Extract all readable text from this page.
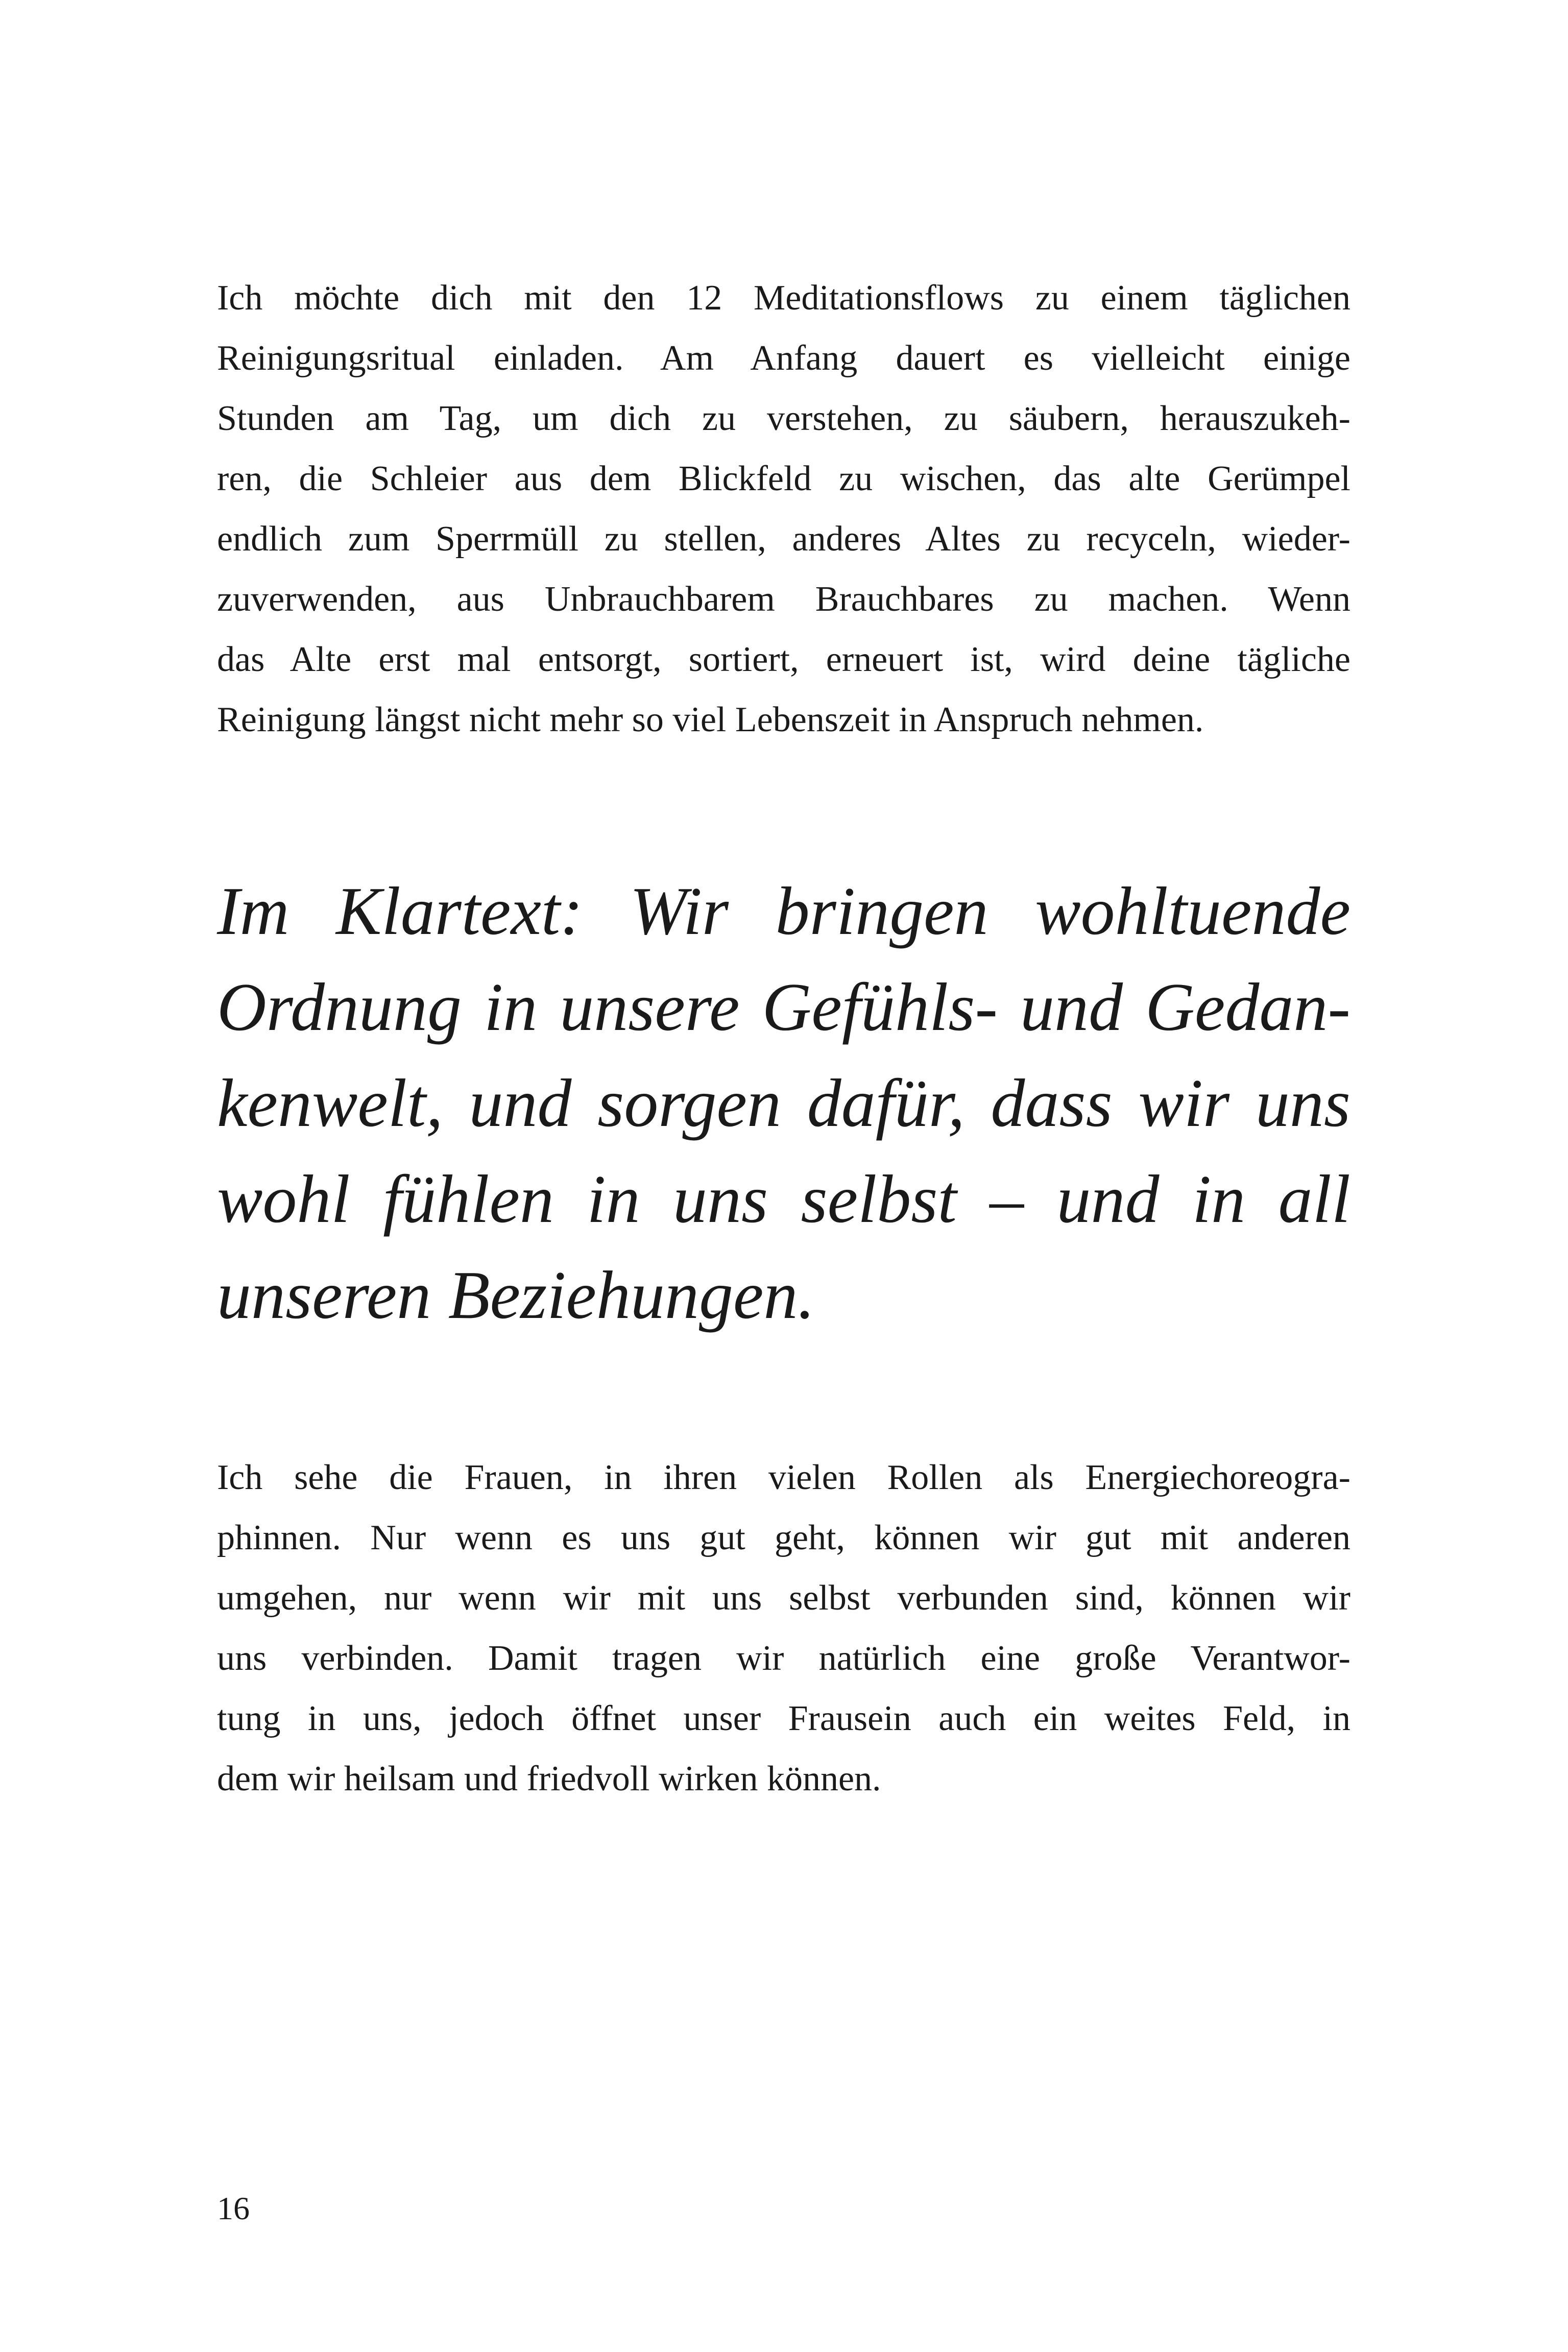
Ich möchte dich mit den 12 Meditationsflows zu einem täglichen
Reinigungsritual einladen. Am Anfang dauert es vielleicht einige
Stunden am Tag, um dich zu verstehen, zu säubern, herauszukeh-
ren, die Schleier aus dem Blickfeld zu wischen, das alte Gerümpel
endlich zum Sperrmüll zu stellen, anderes Altes zu recyceln, wieder-
zuverwenden, aus Unbrauchbarem Brauchbares zu machen. Wenn
das Alte erst mal entsorgt, sortiert, erneuert ist, wird deine tägliche
Reinigung längst nicht mehr so viel Lebenszeit in Anspruch nehmen.

Im Klartext: Wir bringen wohltuende
Ordnung in unsere Gefühls- und Gedan-
kenwelt, und sorgen dafür, dass wir uns
wohl fühlen in uns selbst – und in all
unseren Beziehungen.

Ich sehe die Frauen, in ihren vielen Rollen als Energiechoreogra-
phinnen. Nur wenn es uns gut geht, können wir gut mit anderen
umgehen, nur wenn wir mit uns selbst verbunden sind, können wir
uns verbinden. Damit tragen wir natürlich eine große Verantwor-
tung in uns, jedoch öffnet unser Frausein auch ein weites Feld, in
dem wir heilsam und friedvoll wirken können.

16
